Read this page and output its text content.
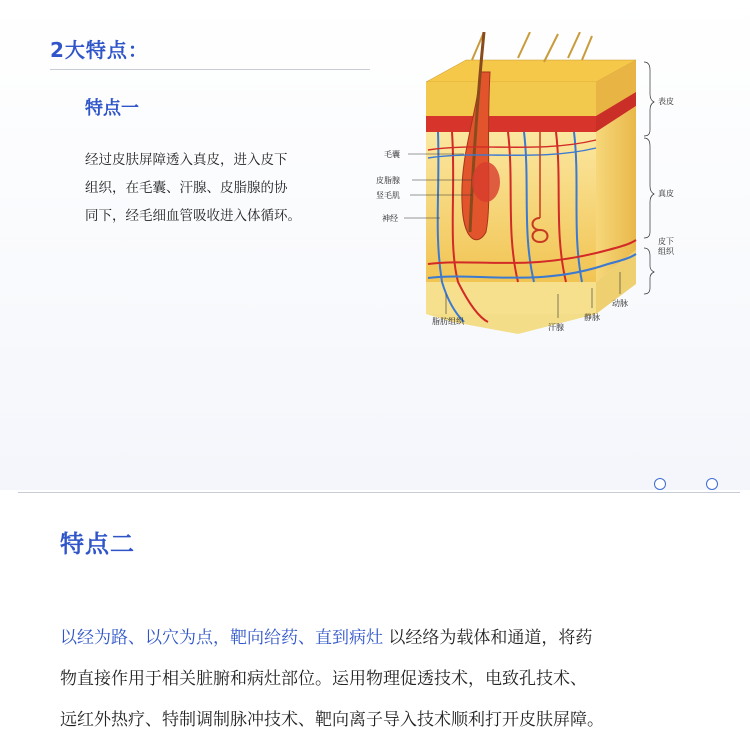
2大特点：
特点一
经过皮肤屏障透入真皮，进入皮下
组织，在毛囊、汗腺、皮脂腺的协
同下，经毛细血管吸收进入体循环。
毛囊
皮脂腺
竖毛肌
神经
脂肪组织
汗腺
静脉
动脉
表皮
真皮
皮下组织
特点二
以经为路、以穴为点，靶向给药、直到病灶 以经络为载体和通道，将药
物直接作用于相关脏腑和病灶部位。运用物理促透技术，电致孔技术、
远红外热疗、特制调制脉冲技术、靶向离子导入技术顺利打开皮肤屏障。
